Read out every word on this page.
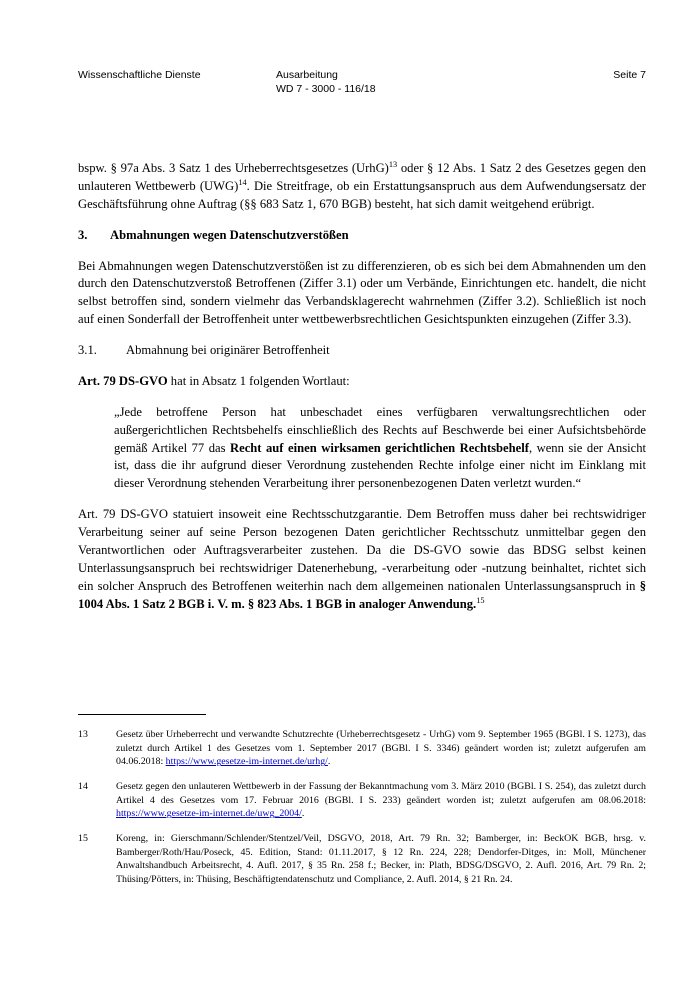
Wissenschaftliche Dienste	Ausarbeitung
WD 7 - 3000 - 116/18
Seite 7

bspw. § 97a Abs. 3 Satz 1 des Urheberrechtsgesetzes (UrhG)$^{13}$ oder § 12 Abs. 1 Satz 2 des Gesetzes gegen den unlauteren Wettbewerb (UWG)$^{14}$. Die Streitfrage, ob ein Erstattungsanspruch aus dem Aufwendungsersatz der Geschäftsführung ohne Auftrag (§§ 683 Satz 1, 670 BGB) besteht, hat sich damit weitgehend erübrigt.

3. Abmahnungen wegen Datenschutzverstößen

Bei Abmahnungen wegen Datenschutzverstößen ist zu differenzieren, ob es sich bei dem Abmahnenden um den durch den Datenschutzverstoß Betroffenen (Ziffer 3.1) oder um Verbände, Einrichtungen etc. handelt, die nicht selbst betroffen sind, sondern vielmehr das Verbandsklagerecht wahrnehmen (Ziffer 3.2). Schließlich ist noch auf einen Sonderfall der Betroffenheit unter wettbewerbsrechtlichen Gesichtspunkten einzugehen (Ziffer 3.3).

3.1. Abmahnung bei originärer Betroffenheit

Art. 79 DS-GVO hat in Absatz 1 folgenden Wortlaut:

„Jede betroffene Person hat unbeschadet eines verfügbaren verwaltungsrechtlichen oder außergerichtlichen Rechtsbehelfs einschließlich des Rechts auf Beschwerde bei einer Aufsichtsbehörde gemäß Artikel 77 das Recht auf einen wirksamen gerichtlichen Rechtsbehelf, wenn sie der Ansicht ist, dass die ihr aufgrund dieser Verordnung zustehenden Rechte infolge einer nicht im Einklang mit dieser Verordnung stehenden Verarbeitung ihrer personenbezogenen Daten verletzt wurden.“

Art. 79 DS-GVO statuiert insoweit eine Rechtsschutzgarantie. Dem Betroffen muss daher bei rechtswidriger Verarbeitung seiner auf seine Person bezogenen Daten gerichtlicher Rechtsschutz unmittelbar gegen den Verantwortlichen oder Auftragsverarbeiter zustehen. Da die DS-GVO sowie das BDSG selbst keinen Unterlassungsanspruch bei rechtswidriger Datenerhebung, -verarbeitung oder -nutzung beinhaltet, richtet sich ein solcher Anspruch des Betroffenen weiterhin nach dem allgemeinen nationalen Unterlassungsanspruch in § 1004 Abs. 1 Satz 2 BGB i. V. m. § 823 Abs. 1 BGB in analoger Anwendung.$^{15}$

13	Gesetz über Urheberrecht und verwandte Schutzrechte (Urheberrechtsgesetz - UrhG) vom 9. September 1965 (BGBl. I S. 1273), das zuletzt durch Artikel 1 des Gesetzes vom 1. September 2017 (BGBl. I S. 3346) geändert worden ist; zuletzt aufgerufen am 04.06.2018: https://www.gesetze-im-internet.de/urhg/.
14	Gesetz gegen den unlauteren Wettbewerb in der Fassung der Bekanntmachung vom 3. März 2010 (BGBl. I S. 254), das zuletzt durch Artikel 4 des Gesetzes vom 17. Februar 2016 (BGBl. I S. 233) geändert worden ist; zuletzt aufgerufen am 08.06.2018: https://www.gesetze-im-internet.de/uwg_2004/.
15	Koreng, in: Gierschmann/Schlender/Stentzel/Veil, DSGVO, 2018, Art. 79 Rn. 32; Bamberger, in: BeckOK BGB, hrsg. v. Bamberger/Roth/Hau/Poseck, 45. Edition, Stand: 01.11.2017, § 12 Rn. 224, 228; Dendorfer-Ditges, in: Moll, Münchener Anwaltshandbuch Arbeitsrecht, 4. Aufl. 2017, § 35 Rn. 258 f.; Becker, in: Plath, BDSG/DSGVO, 2. Aufl. 2016, Art. 79 Rn. 2; Thüsing/Pötters, in: Thüsing, Beschäftigtendatenschutz und Compliance, 2. Aufl. 2014, § 21 Rn. 24.
